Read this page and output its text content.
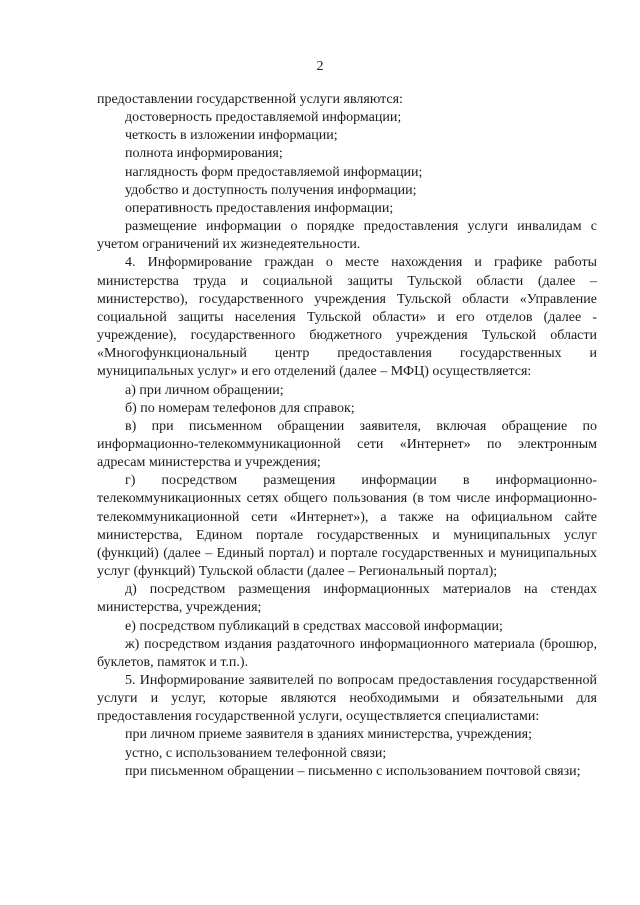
2

предоставлении государственной услуги являются:

достоверность предоставляемой информации;

четкость в изложении информации;

полнота информирования;

наглядность форм предоставляемой информации;

удобство и доступность получения информации;

оперативность предоставления информации;

размещение информации о порядке предоставления услуги инвалидам с учетом ограничений их жизнедеятельности.

4. Информирование граждан о месте нахождения и графике работы министерства труда и социальной защиты Тульской области (далее – министерство), государственного учреждения Тульской области «Управление социальной защиты населения Тульской области» и его отделов (далее - учреждение), государственного бюджетного учреждения Тульской области «Многофункциональный центр предоставления государственных и муниципальных услуг» и его отделений (далее – МФЦ) осуществляется:

а) при личном обращении;

б) по номерам телефонов для справок;

в) при письменном обращении заявителя, включая обращение по информационно-телекоммуникационной сети «Интернет» по электронным адресам министерства и учреждения;

г) посредством размещения информации в информационно-телекоммуникационных сетях общего пользования (в том числе информационно-телекоммуникационной сети «Интернет»), а также на официальном сайте министерства, Едином портале государственных и муниципальных услуг (функций) (далее – Единый портал) и портале государственных и муниципальных услуг (функций) Тульской области (далее – Региональный портал);

д) посредством размещения информационных материалов на стендах министерства, учреждения;

е) посредством публикаций в средствах массовой информации;

ж) посредством издания раздаточного информационного материала (брошюр, буклетов, памяток и т.п.).

5. Информирование заявителей по вопросам предоставления государственной услуги и услуг, которые являются необходимыми и обязательными для предоставления государственной услуги, осуществляется специалистами:

при личном приеме заявителя в зданиях министерства, учреждения;

устно, с использованием телефонной связи;

при письменном обращении – письменно с использованием почтовой связи;
